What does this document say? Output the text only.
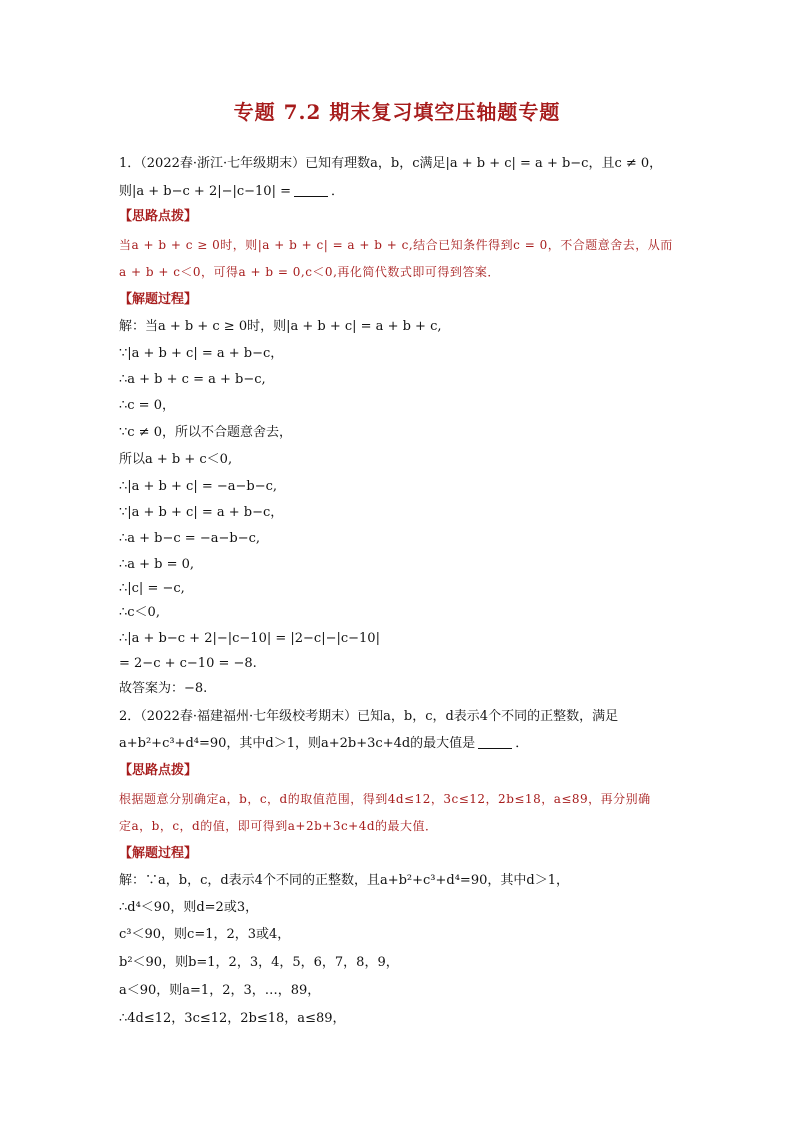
专题 7.2 期末复习填空压轴题专题
1．（2022春·浙江·七年级期末）已知有理数a，b，c满足|a + b + c| = a + b−c，且c ≠ 0，
则|a + b−c + 2|−|c−10| =	．
【思路点拨】
当a + b + c ≥ 0时，则|a + b + c| = a + b + c,结合已知条件得到c = 0，不合题意舍去，从而
a + b + c＜0，可得a + b = 0,c＜0,再化简代数式即可得到答案．
【解题过程】
解：当a + b + c ≥ 0时，则|a + b + c| = a + b + c,
∵|a + b + c| = a + b−c，
∴a + b + c = a + b−c,
∴c = 0，
∵c ≠ 0，所以不合题意舍去，
所以a + b + c＜0,
∴|a + b + c| = −a−b−c,
∵|a + b + c| = a + b−c，
∴a + b−c = −a−b−c,
∴a + b = 0,
∴|c| = −c,
∴c＜0,
∴|a + b−c + 2|−|c−10| = |2−c|−|c−10|
= 2−c + c−10 = −8.
故答案为：−8.
2．（2022春·福建福州·七年级校考期末）已知a，b，c，d表示4个不同的正整数，满足
a+b²+c³+d⁴=90，其中d＞1，则a+2b+3c+4d的最大值是	．
【思路点拨】
根据题意分别确定a，b，c，d的取值范围，得到4d≤12，3c≤12，2b≤18，a≤89，再分别确
定a，b，c，d的值，即可得到a+2b+3c+4d的最大值．
【解题过程】
解：∵a，b，c，d表示4个不同的正整数，且a+b²+c³+d⁴=90，其中d＞1，
∴d⁴＜90，则d=2或3，
c³＜90，则c=1，2，3或4，
b²＜90，则b=1，2，3，4，5，6，7，8，9，
a＜90，则a=1，2，3，…，89，
∴4d≤12，3c≤12，2b≤18，a≤89，
